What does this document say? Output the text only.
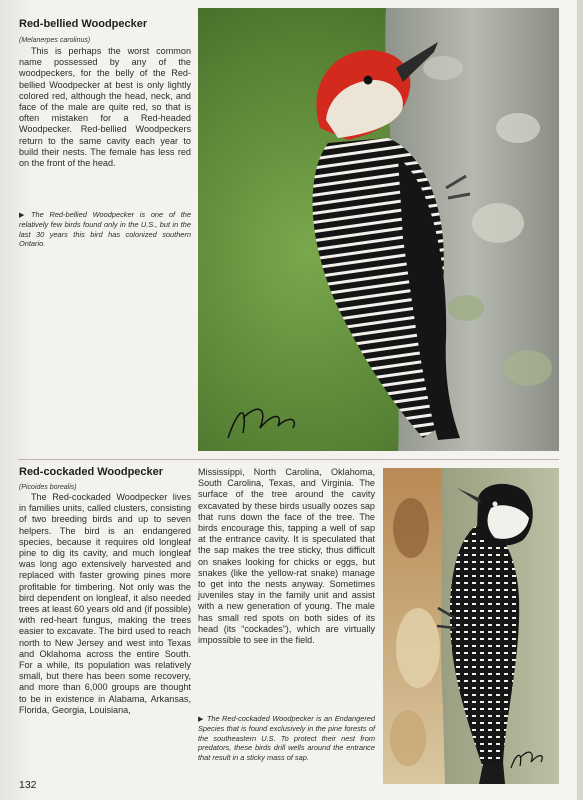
Red-bellied Woodpecker
(Melanerpes carolinus)

This is perhaps the worst common name possessed by any of the woodpeckers, for the belly of the Red-bellied Woodpecker at best is only lightly colored red, although the head, neck, and face of the male are quite red, so that is often mistaken for a Red-headed Woodpecker. Red-bellied Woodpeckers return to the same cavity each year to build their nests. The female has less red on the front of the head.

▶ The Red-bellied Woodpecker is one of the relatively few birds found only in the U.S., but in the last 30 years this bird has colonized southern Ontario.

Red-cockaded Woodpecker
(Picoides borealis)

The Red-cockaded Woodpecker lives in families units, called clusters, consisting of two breeding birds and up to seven helpers. The bird is an endangered species, because it requires old longleaf pine to dig its cavity, and much longleaf was long ago extensively harvested and replaced with faster growing pines more profitable for timbering. Not only was the bird dependent on longleaf, it also needed trees at least 60 years old and (if possible) with red-heart fungus, making the trees easier to excavate. The bird used to reach north to New Jersey and west into Texas and Oklahoma across the entire South. For a while, its population was relatively small, but there has been some recovery, and more than 6,000 groups are thought to be in existence in Alabama, Arkansas, Florida, Georgia, Louisiana,

Mississippi, North Carolina, Oklahoma, South Carolina, Texas, and Virginia. The surface of the tree around the cavity excavated by these birds usually oozes sap that runs down the face of the tree. The birds encourage this, tapping a well of sap at the entrance cavity. It is speculated that the sap makes the tree sticky, thus difficult on snakes looking for chicks or eggs, but snakes (like the yellow-rat snake) manage to get into the nests anyway. Sometimes juveniles stay in the family unit and assist with a new generation of young. The male has small red spots on both sides of its head (its “cockades”), which are virtually impossible to see in the field.

▶ The Red-cockaded Woodpecker is an Endangered Species that is found exclusively in the pine forests of the southeastern U.S. To protect their nest from predators, these birds drill wells around the entrance that result in a sticky mass of sap.

132
